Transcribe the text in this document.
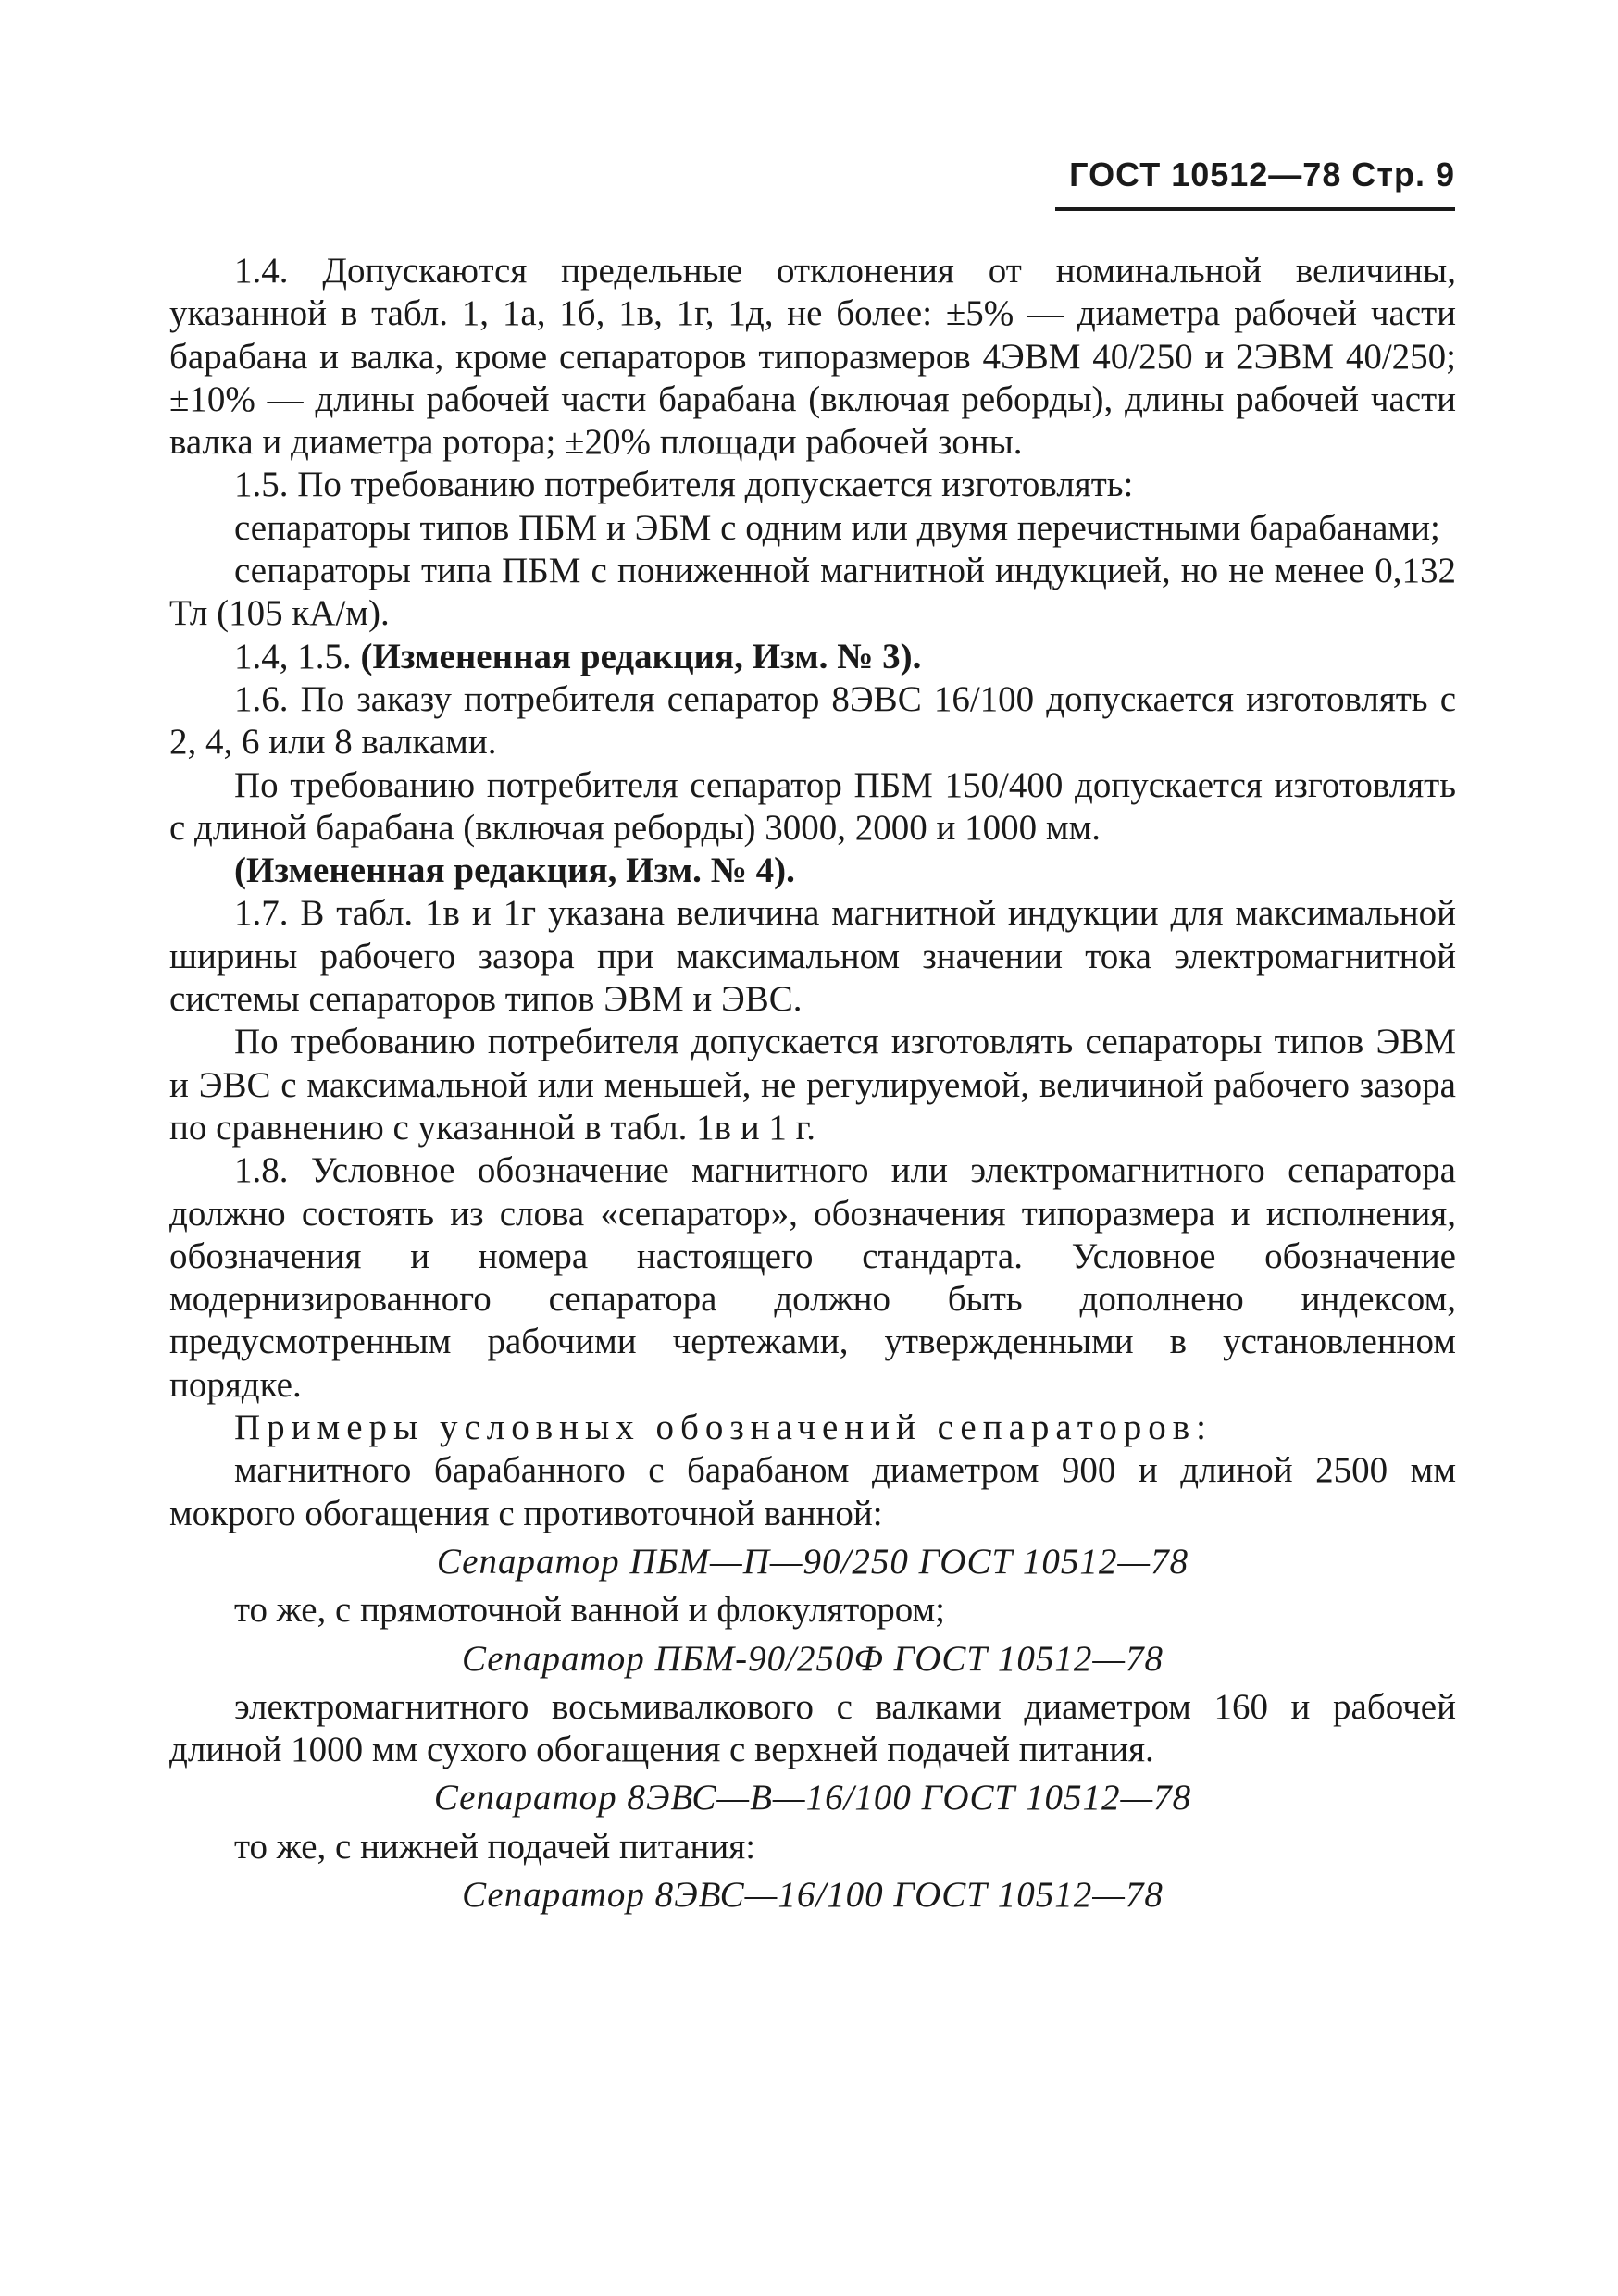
ГОСТ 10512—78 Стр. 9

1.4. Допускаются предельные отклонения от номинальной величины, указанной в табл. 1, 1а, 1б, 1в, 1г, 1д, не более: ±5% — диаметра рабочей части барабана и валка, кроме сепараторов типоразмеров 4ЭВМ 40/250 и 2ЭВМ 40/250; ±10% — длины рабочей части барабана (включая реборды), длины рабочей части валка и диаметра ротора; ±20% площади рабочей зоны.

1.5. По требованию потребителя допускается изготовлять:

сепараторы типов ПБМ и ЭБМ с одним или двумя перечистными барабанами;

сепараторы типа ПБМ с пониженной магнитной индукцией, но не менее 0,132 Тл (105 кА/м).

1.4, 1.5. (Измененная редакция, Изм. № 3).

1.6. По заказу потребителя сепаратор 8ЭВС 16/100 допускается изготовлять с 2, 4, 6 или 8 валками.

По требованию потребителя сепаратор ПБМ 150/400 допускается изготовлять с длиной барабана (включая реборды) 3000, 2000 и 1000 мм.

(Измененная редакция, Изм. № 4).

1.7. В табл. 1в и 1г указана величина магнитной индукции для максимальной ширины рабочего зазора при максимальном значении тока электромагнитной системы сепараторов типов ЭВМ и ЭВС.

По требованию потребителя допускается изготовлять сепараторы типов ЭВМ и ЭВС с максимальной или меньшей, не регулируемой, величиной рабочего зазора по сравнению с указанной в табл. 1в и 1 г.

1.8. Условное обозначение магнитного или электромагнитного сепаратора должно состоять из слова «сепаратор», обозначения типоразмера и исполнения, обозначения и номера настоящего стандарта. Условное обозначение модернизированного сепаратора должно быть дополнено индексом, предусмотренным рабочими чертежами, утвержденными в установленном порядке.

Примеры условных обозначений сепараторов:

магнитного барабанного с барабаном диаметром 900 и длиной 2500 мм мокрого обогащения с противоточной ванной:

Сепаратор ПБМ—П—90/250 ГОСТ 10512—78

то же, с прямоточной ванной и флокулятором;

Сепаратор ПБМ-90/250Ф ГОСТ 10512—78

электромагнитного восьмивалкового с валками диаметром 160 и рабочей длиной 1000 мм сухого обогащения с верхней подачей питания.

Сепаратор 8ЭВС—В—16/100 ГОСТ 10512—78

то же, с нижней подачей питания:

Сепаратор 8ЭВС—16/100 ГОСТ 10512—78
